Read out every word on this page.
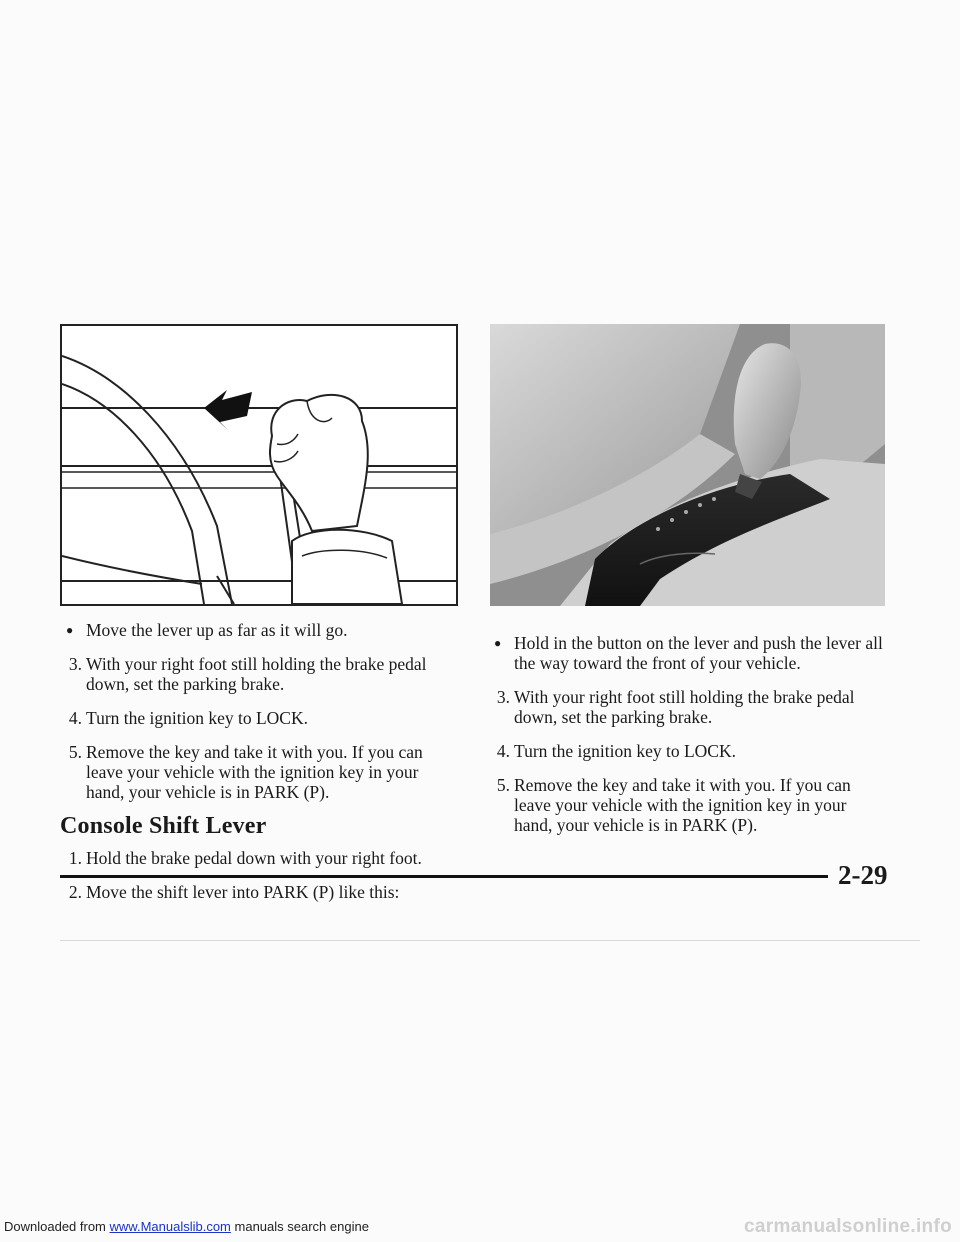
● Move the lever up as far as it will go.
3. With your right foot still holding the brake pedal down, set the parking brake.
4. Turn the ignition key to LOCK.
5. Remove the key and take it with you. If you can leave your vehicle with the ignition key in your hand, your vehicle is in PARK (P).
Console Shift Lever
1. Hold the brake pedal down with your right foot.
2. Move the shift lever into PARK (P) like this:
● Hold in the button on the lever and push the lever all the way toward the front of your vehicle.
3. With your right foot still holding the brake pedal down, set the parking brake.
4. Turn the ignition key to LOCK.
5. Remove the key and take it with you. If you can leave your vehicle with the ignition key in your hand, your vehicle is in PARK (P).
2-29
Downloaded from www.Manualslib.com manuals search engine	carmanualsonline.info
